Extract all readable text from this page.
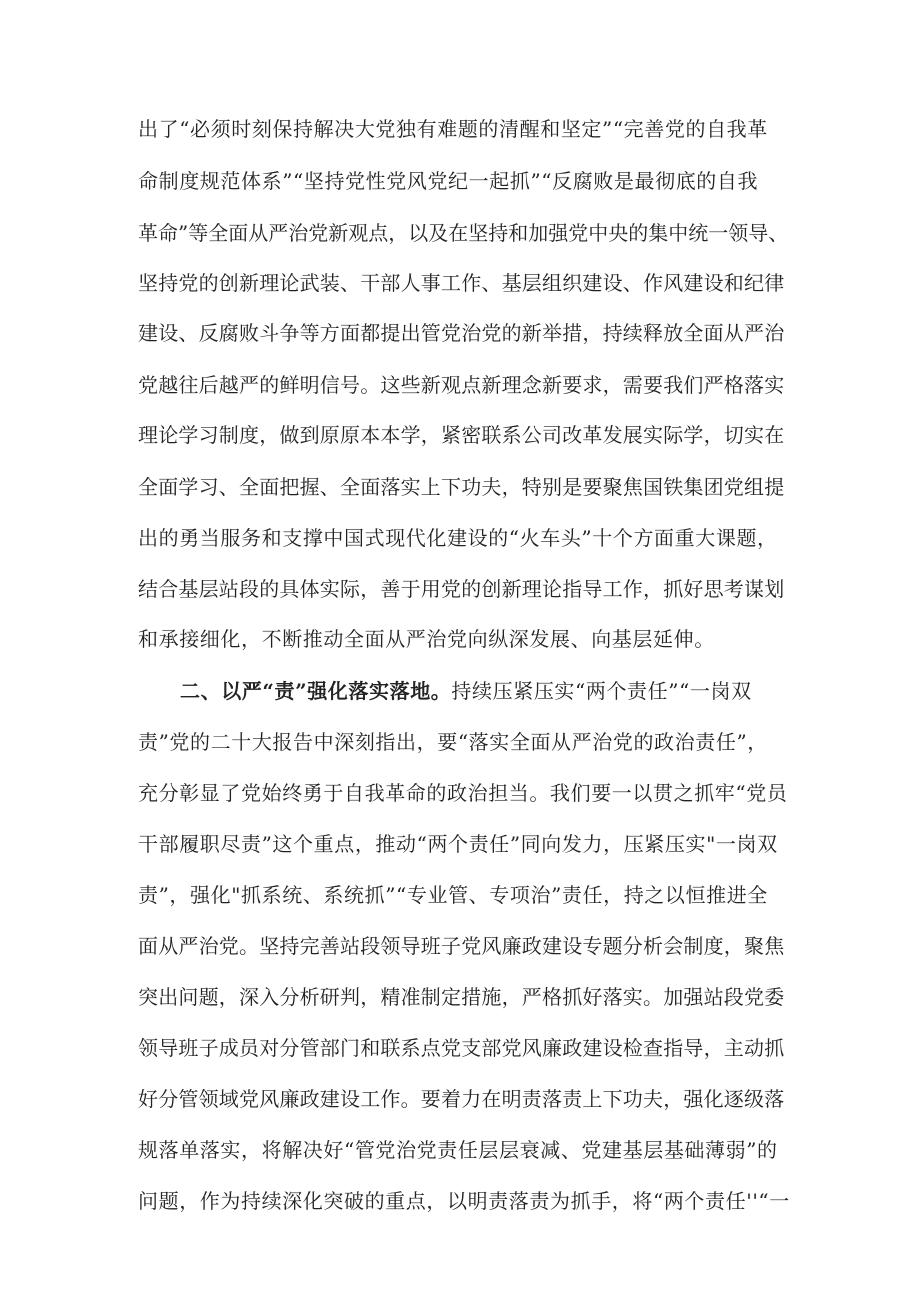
出了“必须时刻保持解决大党独有难题的清醒和坚定”“完善党的自我革
命制度规范体系”“坚持党性党风党纪一起抓”“反腐败是最彻底的自我
革命”等全面从严治党新观点，以及在坚持和加强党中央的集中统一领导、
坚持党的创新理论武装、干部人事工作、基层组织建设、作风建设和纪律
建设、反腐败斗争等方面都提出管党治党的新举措，持续释放全面从严治
党越往后越严的鲜明信号。这些新观点新理念新要求，需要我们严格落实
理论学习制度，做到原原本本学，紧密联系公司改革发展实际学，切实在
全面学习、全面把握、全面落实上下功夫，特别是要聚焦国铁集团党组提
出的勇当服务和支撑中国式现代化建设的“火车头”十个方面重大课题，
结合基层站段的具体实际，善于用党的创新理论指导工作，抓好思考谋划
和承接细化，不断推动全面从严治党向纵深发展、向基层延伸。
二、以严“责”强化落实落地。持续压紧压实“两个责任”“一岗双
责”党的二十大报告中深刻指出，要“落实全面从严治党的政治责任”，
充分彰显了党始终勇于自我革命的政治担当。我们要一以贯之抓牢“党员
干部履职尽责”这个重点，推动“两个责任”同向发力，压紧压实"一岗双
责”，强化"抓系统、系统抓”“专业管、专项治”责任，持之以恒推进全
面从严治党。坚持完善站段领导班子党风廉政建设专题分析会制度，聚焦
突出问题，深入分析研判，精准制定措施，严格抓好落实。加强站段党委
领导班子成员对分管部门和联系点党支部党风廉政建设检查指导，主动抓
好分管领域党风廉政建设工作。要着力在明责落责上下功夫，强化逐级落
规落单落实，将解决好“管党治党责任层层衰减、党建基层基础薄弱”的
问题，作为持续深化突破的重点，以明责落责为抓手，将“两个责任''“一
